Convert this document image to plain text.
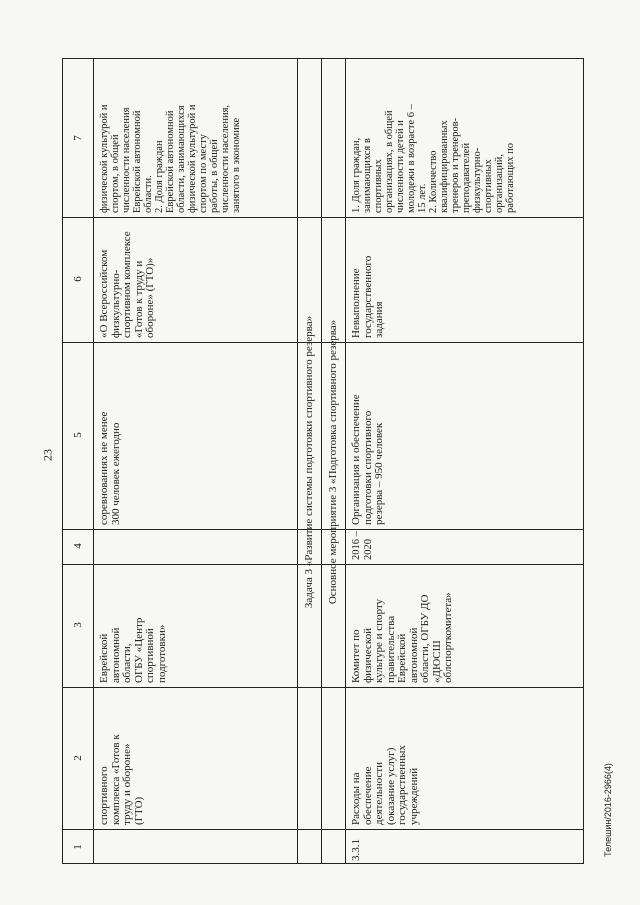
23
1
2
3
4
5
6
7
спортивного
комплекса «Готов к
труду и обороне»
(ГТО)
Еврейской
автономной
области,
ОГБУ «Центр
спортивной
подготовки»
соревнованиях не менее
300 человек ежегодно
«О Всероссийском
физкультурно-
спортивном комплексе
«Готов к труду и
обороне» (ГТО)»
физической культурой и
спортом, в общей
численности населения
Еврейской автономной
области.
2. Доля граждан
Еврейской автономной
области, занимающихся
физической культурой и
спортом по месту
работы, в общей
численности населения,
занятого в экономике
Задача 3 «Развитие системы подготовки спортивного резерва» Основное мероприятие 3 «Подготовка спортивного резерва»
3.3.1
Расходы на
обеспечение
деятельности
(оказание услуг)
государственных
учреждений
Комитет по
физической
культуре и спорту
правительства
Еврейской
автономной
области, ОГБУ ДО
«ДЮСШ
облспорткомитета»
2016 –
2020
Организация и обеспечение
подготовки спортивного
резерва – 950 человек
Невыполнение
государственного
задания
1. Доля граждан,
занимающихся в
спортивных
организациях, в общей
численности детей и
молодежи в возрасте 6 –
15 лет.
2. Количество
квалифицированных
тренеров и тренеров-
преподавателей
физкультурно-
спортивных
организаций,
работающих по
Телешин/2016-2966(4)
